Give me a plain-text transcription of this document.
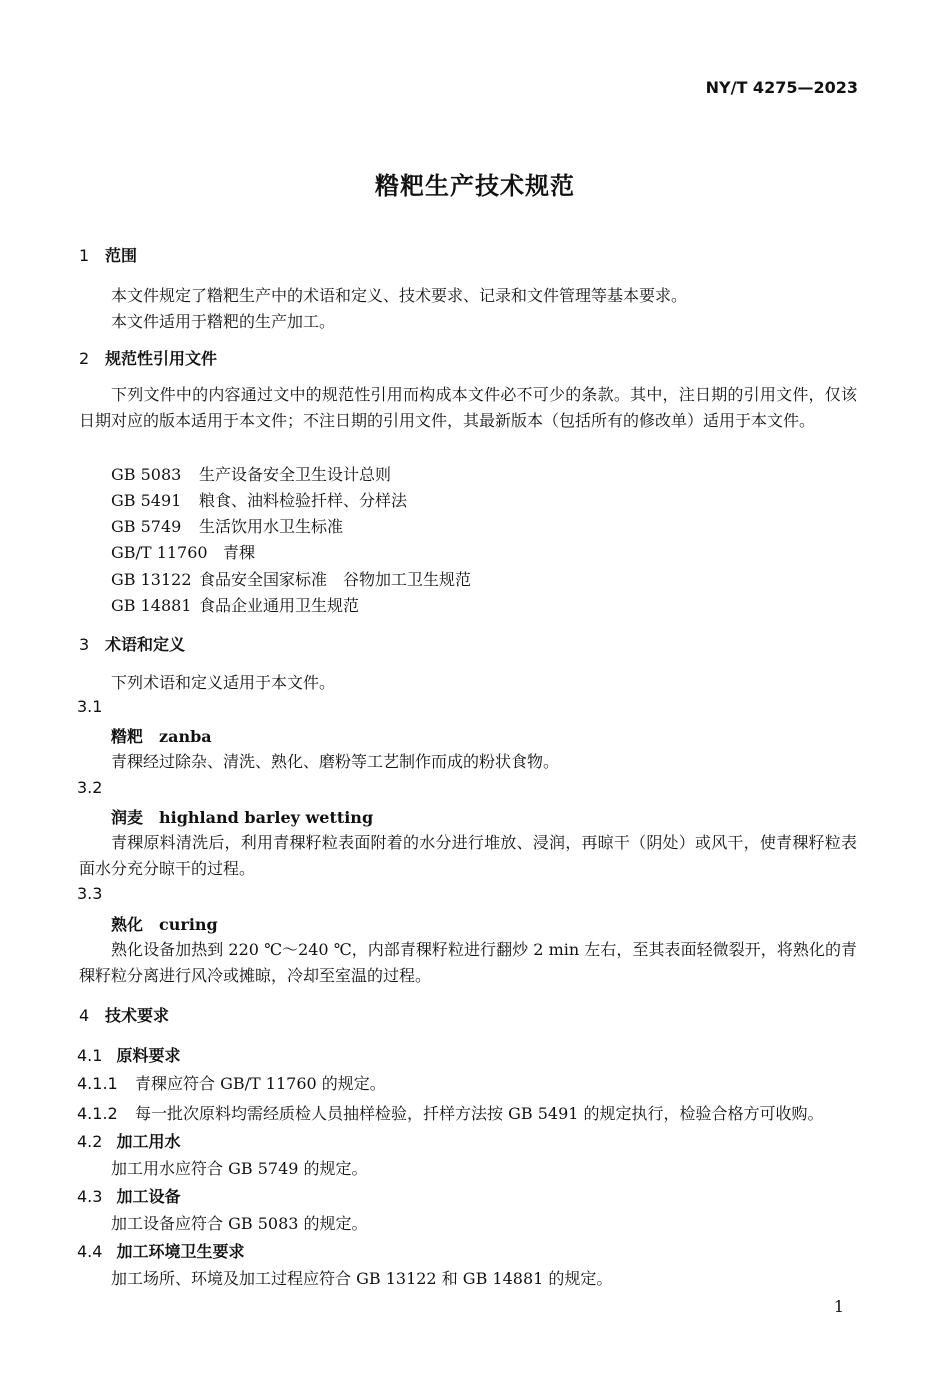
NY/T 4275—2023
糌粑生产技术规范
1 范围
本文件规定了糌粑生产中的术语和定义、技术要求、记录和文件管理等基本要求。
本文件适用于糌粑的生产加工。
2 规范性引用文件
下列文件中的内容通过文中的规范性引用而构成本文件必不可少的条款。其中，注日期的引用文件，仅该日期对应的版本适用于本文件；不注日期的引用文件，其最新版本（包括所有的修改单）适用于本文件。
GB 5083 生产设备安全卫生设计总则
GB 5491 粮食、油料检验扦样、分样法
GB 5749 生活饮用水卫生标准
GB/T 11760 青稞
GB 13122 食品安全国家标准　谷物加工卫生规范
GB 14881 食品企业通用卫生规范
3 术语和定义
下列术语和定义适用于本文件。
3.1
糌粑 zanba
青稞经过除杂、清洗、熟化、磨粉等工艺制作而成的粉状食物。
3.2
润麦 highland barley wetting
青稞原料清洗后，利用青稞籽粒表面附着的水分进行堆放、浸润，再晾干（阴处）或风干，使青稞籽粒表面水分充分晾干的过程。
3.3
熟化 curing
熟化设备加热到 220 ℃～240 ℃，内部青稞籽粒进行翻炒 2 min 左右，至其表面轻微裂开，将熟化的青稞籽粒分离进行风冷或摊晾，冷却至室温的过程。
4 技术要求
4.1 原料要求
4.1.1 青稞应符合 GB/T 11760 的规定。
4.1.2 每一批次原料均需经质检人员抽样检验，扦样方法按 GB 5491 的规定执行，检验合格方可收购。
4.2 加工用水
加工用水应符合 GB 5749 的规定。
4.3 加工设备
加工设备应符合 GB 5083 的规定。
4.4 加工环境卫生要求
加工场所、环境及加工过程应符合 GB 13122 和 GB 14881 的规定。
1
